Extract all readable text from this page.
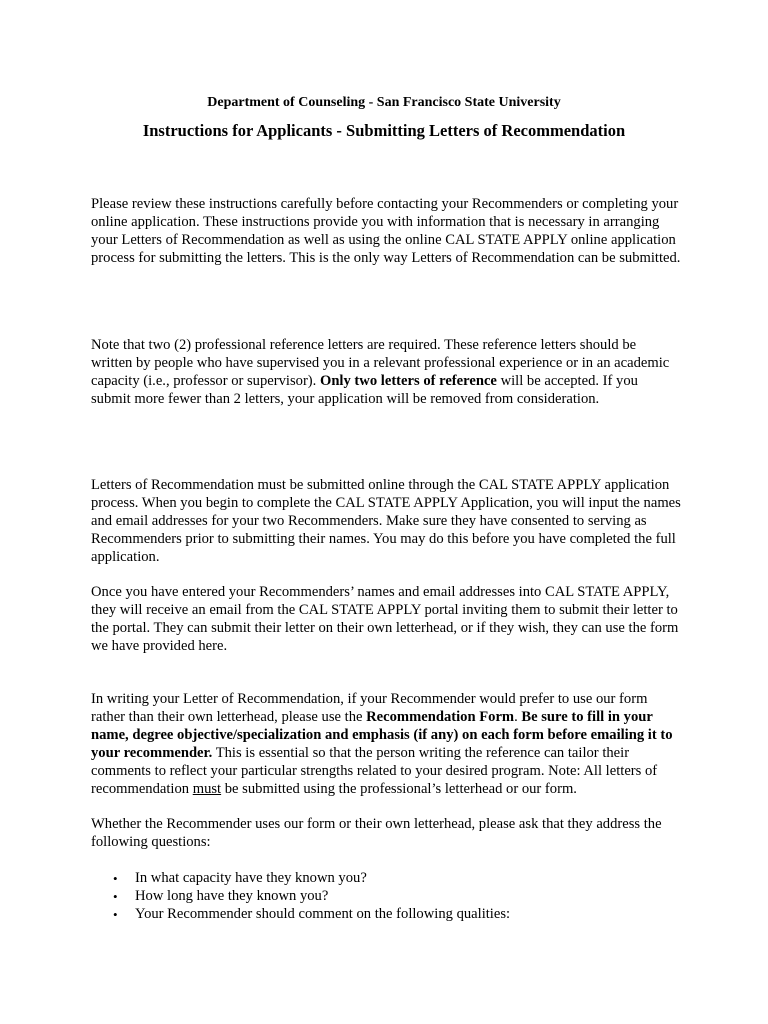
Department of Counseling - San Francisco State University
Instructions for Applicants - Submitting Letters of Recommendation

Please review these instructions carefully before contacting your Recommenders or completing your online application. These instructions provide you with information that is necessary in arranging your Letters of Recommendation as well as using the online CAL STATE APPLY online application process for submitting the letters. This is the only way Letters of Recommendation can be submitted.

Note that two (2) professional reference letters are required. These reference letters should be written by people who have supervised you in a relevant professional experience or in an academic capacity (i.e., professor or supervisor). Only two letters of reference will be accepted. If you submit more fewer than 2 letters, your application will be removed from consideration.

Letters of Recommendation must be submitted online through the CAL STATE APPLY application process. When you begin to complete the CAL STATE APPLY Application, you will input the names and email addresses for your two Recommenders. Make sure they have consented to serving as Recommenders prior to submitting their names. You may do this before you have completed the full application.

Once you have entered your Recommenders’ names and email addresses into CAL STATE APPLY, they will receive an email from the CAL STATE APPLY portal inviting them to submit their letter to the portal. They can submit their letter on their own letterhead, or if they wish, they can use the form we have provided here.

In writing your Letter of Recommendation, if your Recommender would prefer to use our form rather than their own letterhead, please use the Recommendation Form. Be sure to fill in your name, degree objective/specialization and emphasis (if any) on each form before emailing it to your recommender. This is essential so that the person writing the reference can tailor their comments to reflect your particular strengths related to your desired program. Note: All letters of recommendation must be submitted using the professional’s letterhead or our form.

Whether the Recommender uses our form or their own letterhead, please ask that they address the following questions:

• In what capacity have they known you?
• How long have they known you?
• Your Recommender should comment on the following qualities:
